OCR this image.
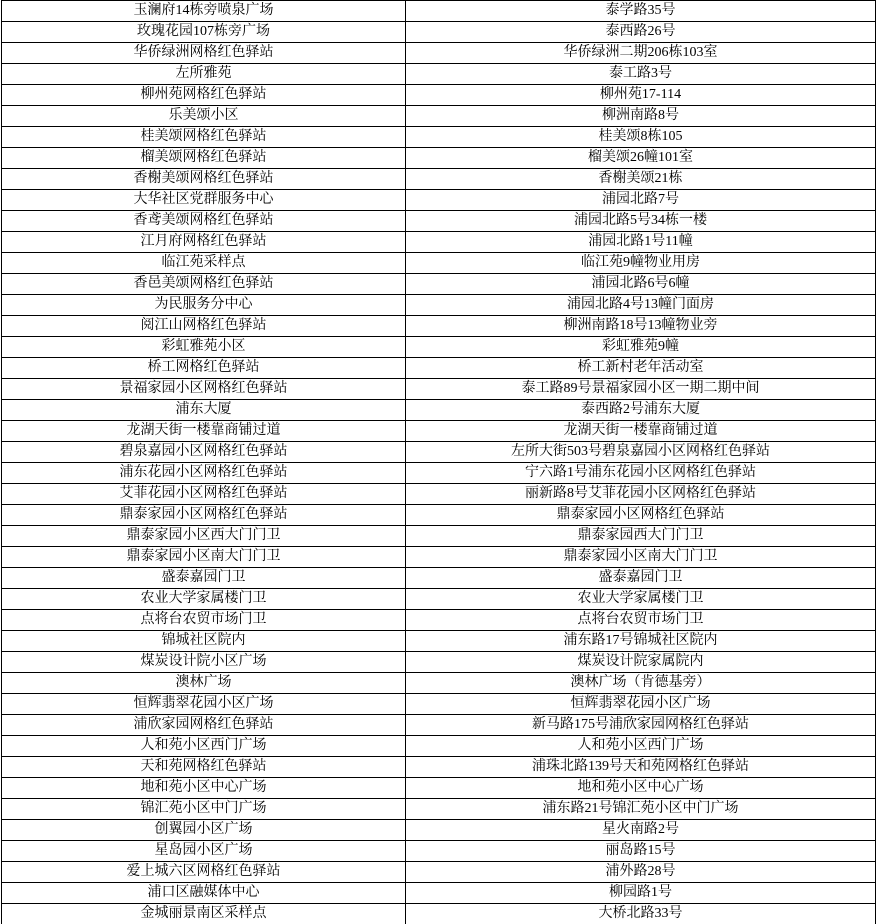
玉澜府14栋旁喷泉广场	泰学路35号
玫瑰花园107栋旁广场	泰西路26号
华侨绿洲网格红色驿站	华侨绿洲二期206栋103室
左所雅苑	泰工路3号
柳州苑网格红色驿站	柳州苑17-114
乐美颂小区	柳洲南路8号
桂美颂网格红色驿站	桂美颂8栋105
榴美颂网格红色驿站	榴美颂26幢101室
香榭美颂网格红色驿站	香榭美颂21栋
大华社区党群服务中心	浦园北路7号
香鸢美颂网格红色驿站	浦园北路5号34栋一楼
江月府网格红色驿站	浦园北路1号11幢
临江苑采样点	临江苑9幢物业用房
香邑美颂网格红色驿站	浦园北路6号6幢
为民服务分中心	浦园北路4号13幢门面房
阅江山网格红色驿站	柳洲南路18号13幢物业旁
彩虹雅苑小区	彩虹雅苑9幢
桥工网格红色驿站	桥工新村老年活动室
景福家园小区网格红色驿站	泰工路89号景福家园小区一期二期中间
浦东大厦	泰西路2号浦东大厦
龙湖天街一楼靠商铺过道	龙湖天街一楼靠商铺过道
碧泉嘉园小区网格红色驿站	左所大街503号碧泉嘉园小区网格红色驿站
浦东花园小区网格红色驿站	宁六路1号浦东花园小区网格红色驿站
艾菲花园小区网格红色驿站	丽新路8号艾菲花园小区网格红色驿站
鼎泰家园小区网格红色驿站	鼎泰家园小区网格红色驿站
鼎泰家园小区西大门门卫	鼎泰家园西大门门卫
鼎泰家园小区南大门门卫	鼎泰家园小区南大门门卫
盛泰嘉园门卫	盛泰嘉园门卫
农业大学家属楼门卫	农业大学家属楼门卫
点将台农贸市场门卫	点将台农贸市场门卫
锦城社区院内	浦东路17号锦城社区院内
煤炭设计院小区广场	煤炭设计院家属院内
澳林广场	澳林广场（肯德基旁）
恒辉翡翠花园小区广场	恒辉翡翠花园小区广场
浦欣家园网格红色驿站	新马路175号浦欣家园网格红色驿站
人和苑小区西门广场	人和苑小区西门广场
天和苑网格红色驿站	浦珠北路139号天和苑网格红色驿站
地和苑小区中心广场	地和苑小区中心广场
锦汇苑小区中门广场	浦东路21号锦汇苑小区中门广场
创翼园小区广场	星火南路2号
星岛园小区广场	丽岛路15号
爱上城六区网格红色驿站	浦外路28号
浦口区融媒体中心	柳园路1号
金城丽景南区采样点	大桥北路33号
